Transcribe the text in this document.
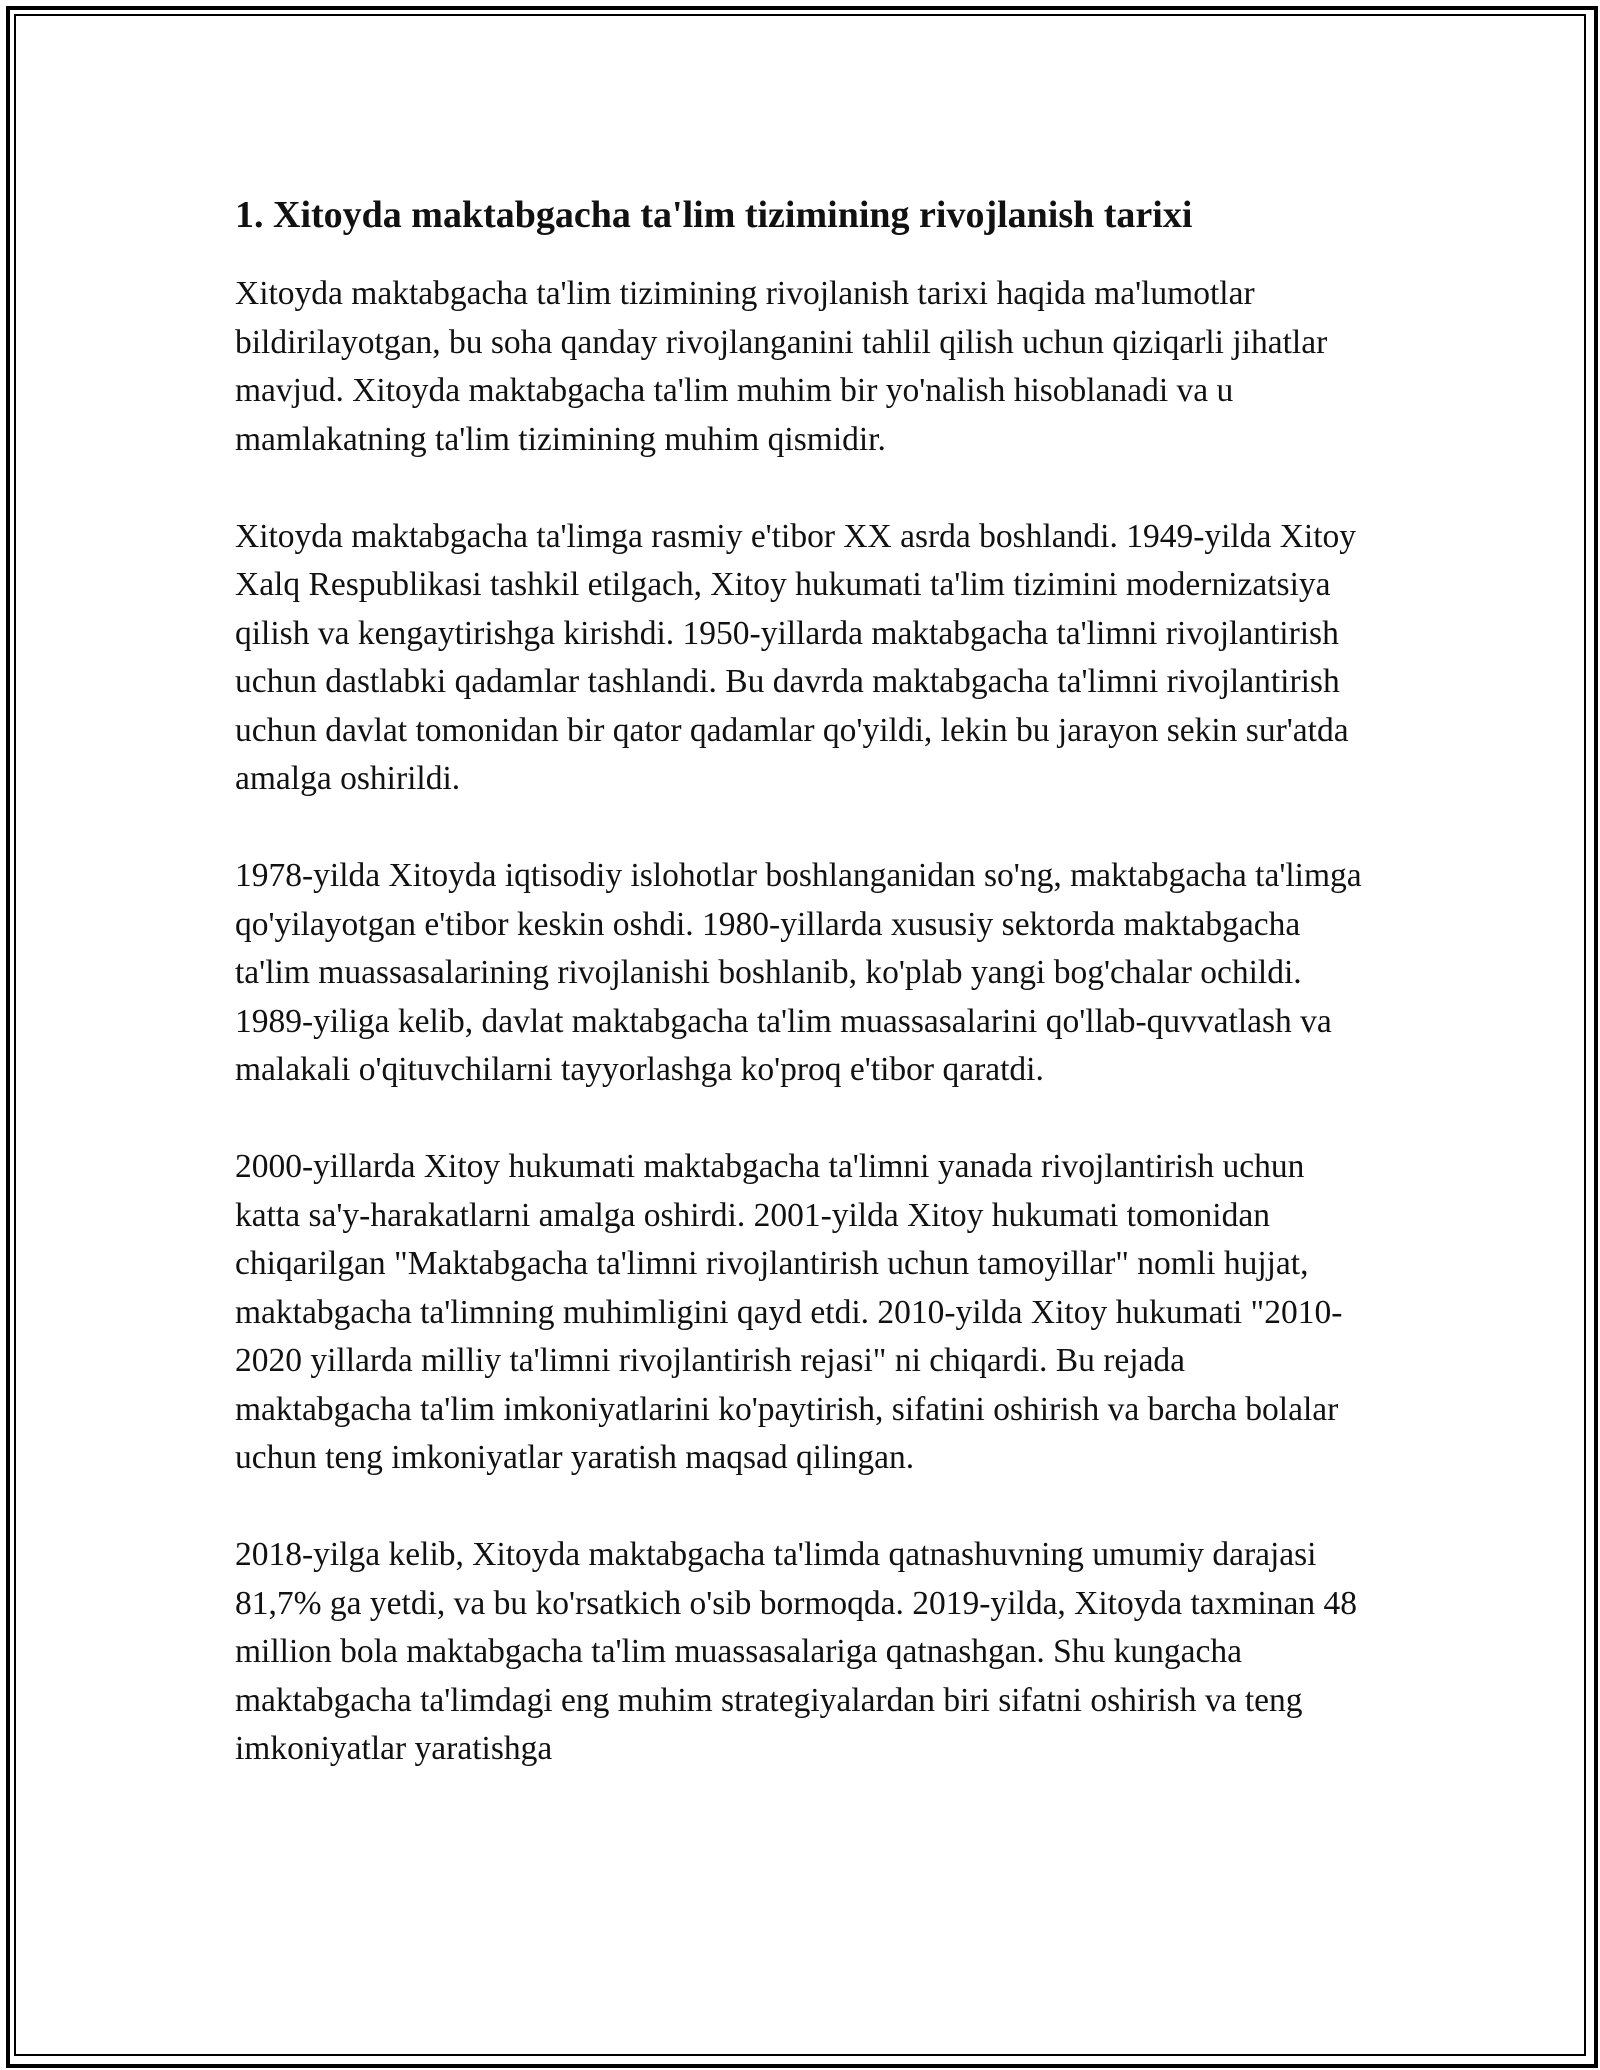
1. Xitoyda maktabgacha ta'lim tizimining rivojlanish tarixi

Xitoyda maktabgacha ta'lim tizimining rivojlanish tarixi haqida ma'lumotlar bildirilayotgan, bu soha qanday rivojlanganini tahlil qilish uchun qiziqarli jihatlar mavjud. Xitoyda maktabgacha ta'lim muhim bir yo'nalish hisoblanadi va u mamlakatning ta'lim tizimining muhim qismidir.

Xitoyda maktabgacha ta'limga rasmiy e'tibor XX asrda boshlandi. 1949-yilda Xitoy Xalq Respublikasi tashkil etilgach, Xitoy hukumati ta'lim tizimini modernizatsiya qilish va kengaytirishga kirishdi. 1950-yillarda maktabgacha ta'limni rivojlantirish uchun dastlabki qadamlar tashlandi. Bu davrda maktabgacha ta'limni rivojlantirish uchun davlat tomonidan bir qator qadamlar qo'yildi, lekin bu jarayon sekin sur'atda amalga oshirildi.

1978-yilda Xitoyda iqtisodiy islohotlar boshlanganidan so'ng, maktabgacha ta'limga qo'yilayotgan e'tibor keskin oshdi. 1980-yillarda xususiy sektorda maktabgacha ta'lim muassasalarining rivojlanishi boshlanib, ko'plab yangi bog'chalar ochildi. 1989-yiliga kelib, davlat maktabgacha ta'lim muassasalarini qo'llab-quvvatlash va malakali o'qituvchilarni tayyorlashga ko'proq e'tibor qaratdi.

2000-yillarda Xitoy hukumati maktabgacha ta'limni yanada rivojlantirish uchun katta sa'y-harakatlarni amalga oshirdi. 2001-yilda Xitoy hukumati tomonidan chiqarilgan "Maktabgacha ta'limni rivojlantirish uchun tamoyillar" nomli hujjat, maktabgacha ta'limning muhimligini qayd etdi. 2010-yilda Xitoy hukumati "2010-2020 yillarda milliy ta'limni rivojlantirish rejasi" ni chiqardi. Bu rejada maktabgacha ta'lim imkoniyatlarini ko'paytirish, sifatini oshirish va barcha bolalar uchun teng imkoniyatlar yaratish maqsad qilingan.

2018-yilga kelib, Xitoyda maktabgacha ta'limda qatnashuvning umumiy darajasi 81,7% ga yetdi, va bu ko'rsatkich o'sib bormoqda. 2019-yilda, Xitoyda taxminan 48 million bola maktabgacha ta'lim muassasalariga qatnashgan. Shu kungacha maktabgacha ta'limdagi eng muhim strategiyalardan biri sifatni oshirish va teng imkoniyatlar yaratishga
